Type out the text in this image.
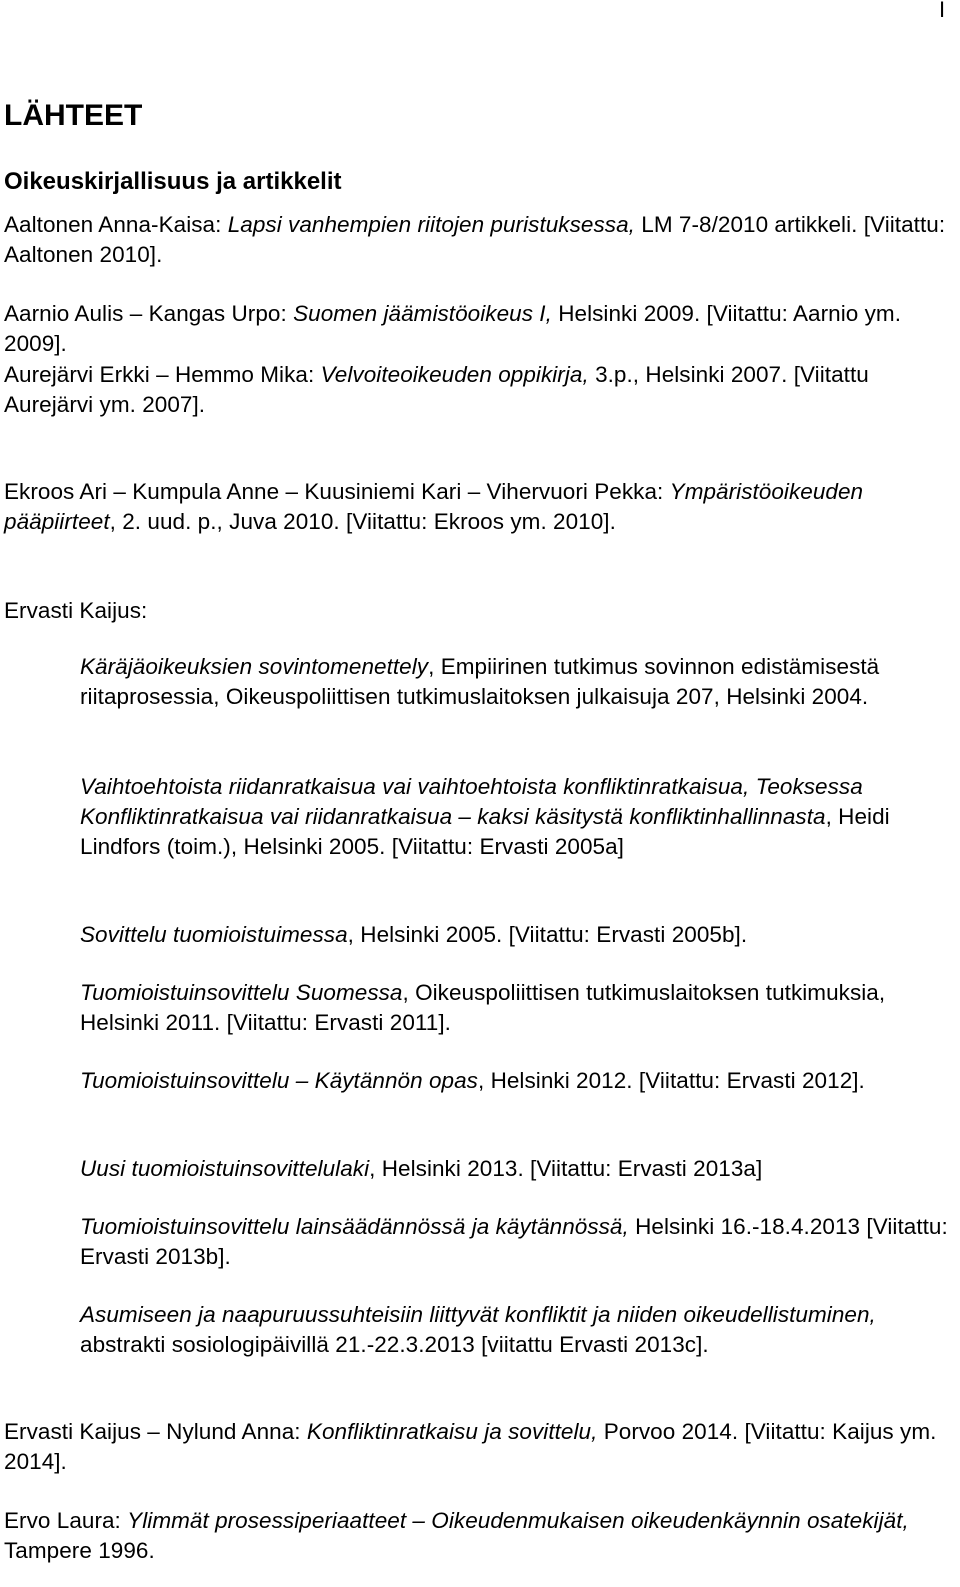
I
LÄHTEET
Oikeuskirjallisuus ja artikkelit

Aaltonen Anna-Kaisa: Lapsi vanhempien riitojen puristuksessa, LM 7-8/2010 artikkeli. [Viitattu: Aaltonen 2010].

Aarnio Aulis – Kangas Urpo: Suomen jäämistöoikeus I, Helsinki 2009. [Viitattu: Aarnio ym. 2009].

Aurejärvi Erkki – Hemmo Mika: Velvoiteoikeuden oppikirja, 3.p., Helsinki 2007. [Viitattu Aurejärvi ym. 2007].

Ekroos Ari – Kumpula Anne – Kuusiniemi Kari – Vihervuori Pekka: Ympäristöoikeuden pääpiirteet, 2. uud. p., Juva 2010. [Viitattu: Ekroos ym. 2010].

Ervasti Kaijus:

Käräjäoikeuksien sovintomenettely, Empiirinen tutkimus sovinnon edistämisestä riitaprosessia, Oikeuspoliittisen tutkimuslaitoksen julkaisuja 207, Helsinki 2004.

Vaihtoehtoista riidanratkaisua vai vaihtoehtoista konfliktinratkaisua, Teoksessa Konfliktinratkaisua vai riidanratkaisua – kaksi käsitystä konfliktinhallinnasta, Heidi Lindfors (toim.), Helsinki 2005. [Viitattu: Ervasti 2005a]

Sovittelu tuomioistuimessa, Helsinki 2005. [Viitattu: Ervasti 2005b].

Tuomioistuinsovittelu Suomessa, Oikeuspoliittisen tutkimuslaitoksen tutkimuksia, Helsinki 2011. [Viitattu: Ervasti 2011].

Tuomioistuinsovittelu – Käytännön opas, Helsinki 2012. [Viitattu: Ervasti 2012].

Uusi tuomioistuinsovittelulaki, Helsinki 2013. [Viitattu: Ervasti 2013a]

Tuomioistuinsovittelu lainsäädännössä ja käytännössä, Helsinki 16.-18.4.2013 [Viitattu: Ervasti 2013b].

Asumiseen ja naapuruussuhteisiin liittyvät konfliktit ja niiden oikeudellistuminen, abstrakti sosiologipäivillä 21.-22.3.2013 [viitattu Ervasti 2013c].

Ervasti Kaijus – Nylund Anna: Konfliktinratkaisu ja sovittelu, Porvoo 2014. [Viitattu: Kaijus ym. 2014].

Ervo Laura: Ylimmät prosessiperiaatteet – Oikeudenmukaisen oikeudenkäynnin osatekijät, Tampere 1996.
